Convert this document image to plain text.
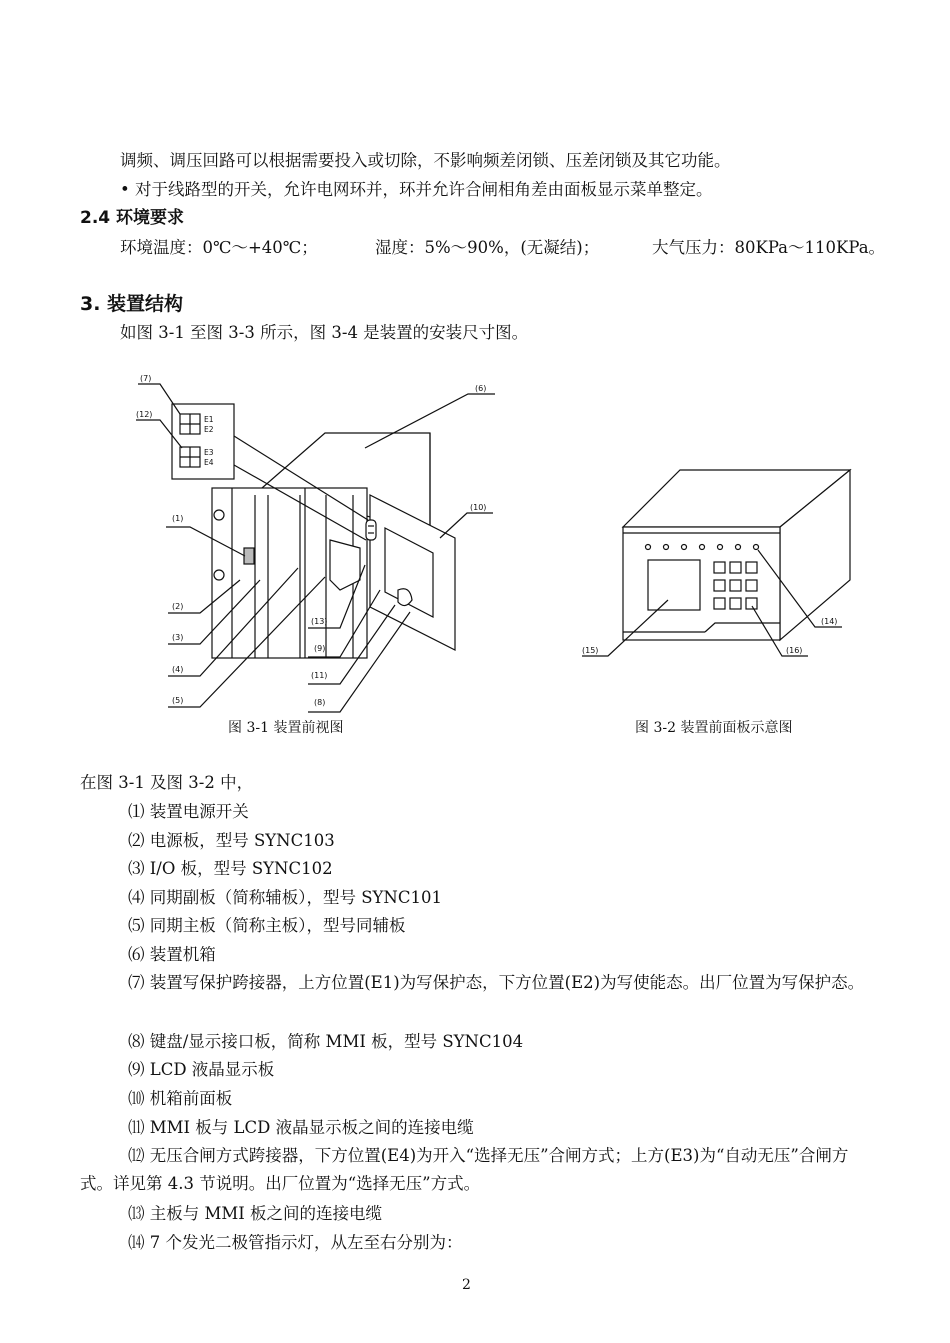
调频、调压回路可以根据需要投入或切除，不影响频差闭锁、压差闭锁及其它功能。
• 对于线路型的开关，允许电网环并，环并允许合闸相角差由面板显示菜单整定。
2.4 环境要求
环境温度：0℃～+40℃；	湿度：5%～90%，(无凝结)；	大气压力：80KPa～110KPa。
3. 装置结构
如图 3-1 至图 3-3 所示，图 3-4 是装置的安装尺寸图。
(7)
(12)
(6)
(10)
E1
E2
E3
E4
(1)
(2)
(3)
(4)
(5)
(13)
(9)
(11)
(8)
(14)
(15)	(16)
图 3-1 装置前视图	图 3-2 装置前面板示意图
在图 3-1 及图 3-2 中，
⑴ 装置电源开关
⑵ 电源板，型号 SYNC103
⑶ I/O 板，型号 SYNC102
⑷ 同期副板（简称辅板），型号 SYNC101
⑸ 同期主板（简称主板），型号同辅板
⑹ 装置机箱
⑺ 装置写保护跨接器，上方位置(E1)为写保护态，下方位置(E2)为写使能态。出厂位置为写保护态。
⑻ 键盘/显示接口板，简称 MMI 板，型号 SYNC104
⑼ LCD 液晶显示板
⑽ 机箱前面板
⑾ MMI 板与 LCD 液晶显示板之间的连接电缆
⑿ 无压合闸方式跨接器，下方位置(E4)为开入“选择无压”合闸方式；上方(E3)为“自动无压”合闸方式。详见第 4.3 节说明。出厂位置为“选择无压”方式。
⒀ 主板与 MMI 板之间的连接电缆
⒁ 7 个发光二极管指示灯，从左至右分别为：
2
